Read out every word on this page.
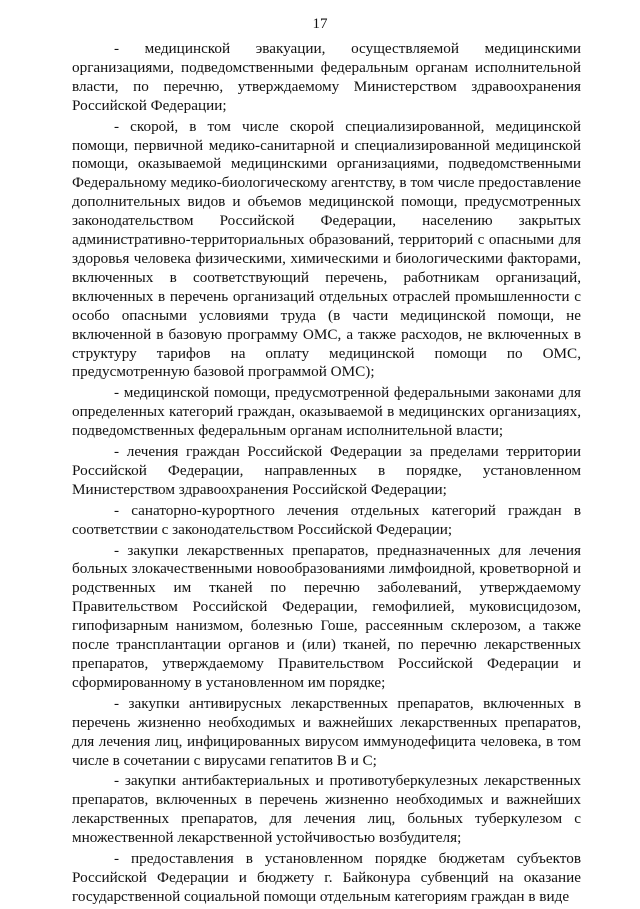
17

- медицинской эвакуации, осуществляемой медицинскими организациями, подведомственными федеральным органам исполнительной власти, по перечню, утверждаемому Министерством здравоохранения Российской Федерации;

- скорой, в том числе скорой специализированной, медицинской помощи, первичной медико-санитарной и специализированной медицинской помощи, оказываемой медицинскими организациями, подведомственными Федеральному медико-биологическому агентству, в том числе предоставление дополнительных видов и объемов медицинской помощи, предусмотренных законодательством Российской Федерации, населению закрытых административно-территориальных образований, территорий с опасными для здоровья человека физическими, химическими и биологическими факторами, включенных в соответствующий перечень, работникам организаций, включенных в перечень организаций отдельных отраслей промышленности с особо опасными условиями труда (в части медицинской помощи, не включенной в базовую программу ОМС, а также расходов, не включенных в структуру тарифов на оплату медицинской помощи по ОМС, предусмотренную базовой программой ОМС);

- медицинской помощи, предусмотренной федеральными законами для определенных категорий граждан, оказываемой в медицинских организациях, подведомственных федеральным органам исполнительной власти;

- лечения граждан Российской Федерации за пределами территории Российской Федерации, направленных в порядке, установленном Министерством здравоохранения Российской Федерации;

- санаторно-курортного лечения отдельных категорий граждан в соответствии с законодательством Российской Федерации;

- закупки лекарственных препаратов, предназначенных для лечения больных злокачественными новообразованиями лимфоидной, кроветворной и родственных им тканей по перечню заболеваний, утверждаемому Правительством Российской Федерации, гемофилией, муковисцидозом, гипофизарным нанизмом, болезнью Гоше, рассеянным склерозом, а также после трансплантации органов и (или) тканей, по перечню лекарственных препаратов, утверждаемому Правительством Российской Федерации и сформированному в установленном им порядке;

- закупки антивирусных лекарственных препаратов, включенных в перечень жизненно необходимых и важнейших лекарственных препаратов, для лечения лиц, инфицированных вирусом иммунодефицита человека, в том числе в сочетании с вирусами гепатитов В и С;

- закупки антибактериальных и противотуберкулезных лекарственных препаратов, включенных в перечень жизненно необходимых и важнейших лекарственных препаратов, для лечения лиц, больных туберкулезом с множественной лекарственной устойчивостью возбудителя;

- предоставления в установленном порядке бюджетам субъектов Российской Федерации и бюджету г. Байконура субвенций на оказание государственной социальной помощи отдельным категориям граждан в виде
